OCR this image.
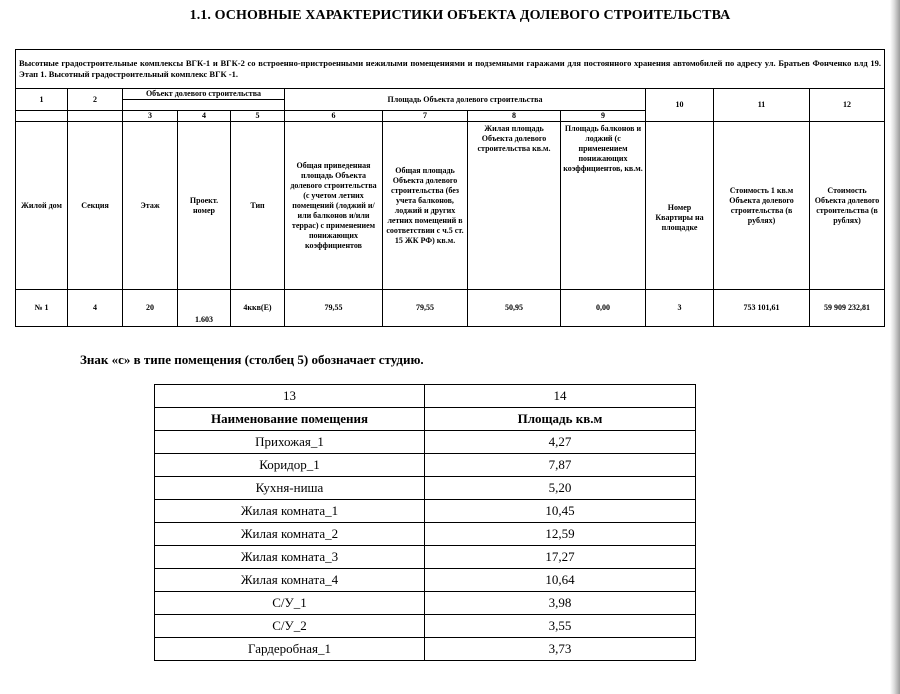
1.1. ОСНОВНЫЕ ХАРАКТЕРИСТИКИ ОБЪЕКТА ДОЛЕВОГО СТРОИТЕЛЬСТВА
Высотные градостроительные комплексы ВГК-1 и ВГК-2 со встроенно-пристроенными нежилыми помещениями и подземными гаражами для постоянного хранения автомобилей по адресу ул. Братьев Фонченко влд 19. Этап 1. Высотный градостроительный комплекс ВГК -1.											
1	2	Объект долевого строительства			Площадь Объекта долевого строительства				10	11	12

		3	4	5	6	7	8	9			
Жилой дом	Секция	Этаж	Проект. номер	Тип	Общая приведенная площадь Объекта долевого строительства (с учетом летних помещений (лоджий и/или балконов и/или террас) с применением понижающих коэффициентов	Общая площадь Объекта долевого строительства (без учета балконов, лоджий и других летних помещений в соответствии с ч.5 ст. 15 ЖК РФ) кв.м.	Жилая площадь Объекта долевого строительства кв.м.	Площадь балконов и лоджий (с применением понижающих коэффициентов, кв.м.	Номер Квартиры на площадке	Стоимость 1 кв.м Объекта долевого строительства (в рублях)	Стоимость Объекта долевого строительства (в рублях)
№ 1	4	20	1.603	4ккв(Е)	79,55	79,55	50,95	0,00	3	753 101,61	59 909 232,81
Знак «с» в типе помещения (столбец 5) обозначает студию.
13	14
Наименование помещения	Площадь кв.м
Прихожая_1	4,27
Коридор_1	7,87
Кухня-ниша	5,20
Жилая комната_1	10,45
Жилая комната_2	12,59
Жилая комната_3	17,27
Жилая комната_4	10,64
С/У_1	3,98
С/У_2	3,55
Гардеробная_1	3,73
